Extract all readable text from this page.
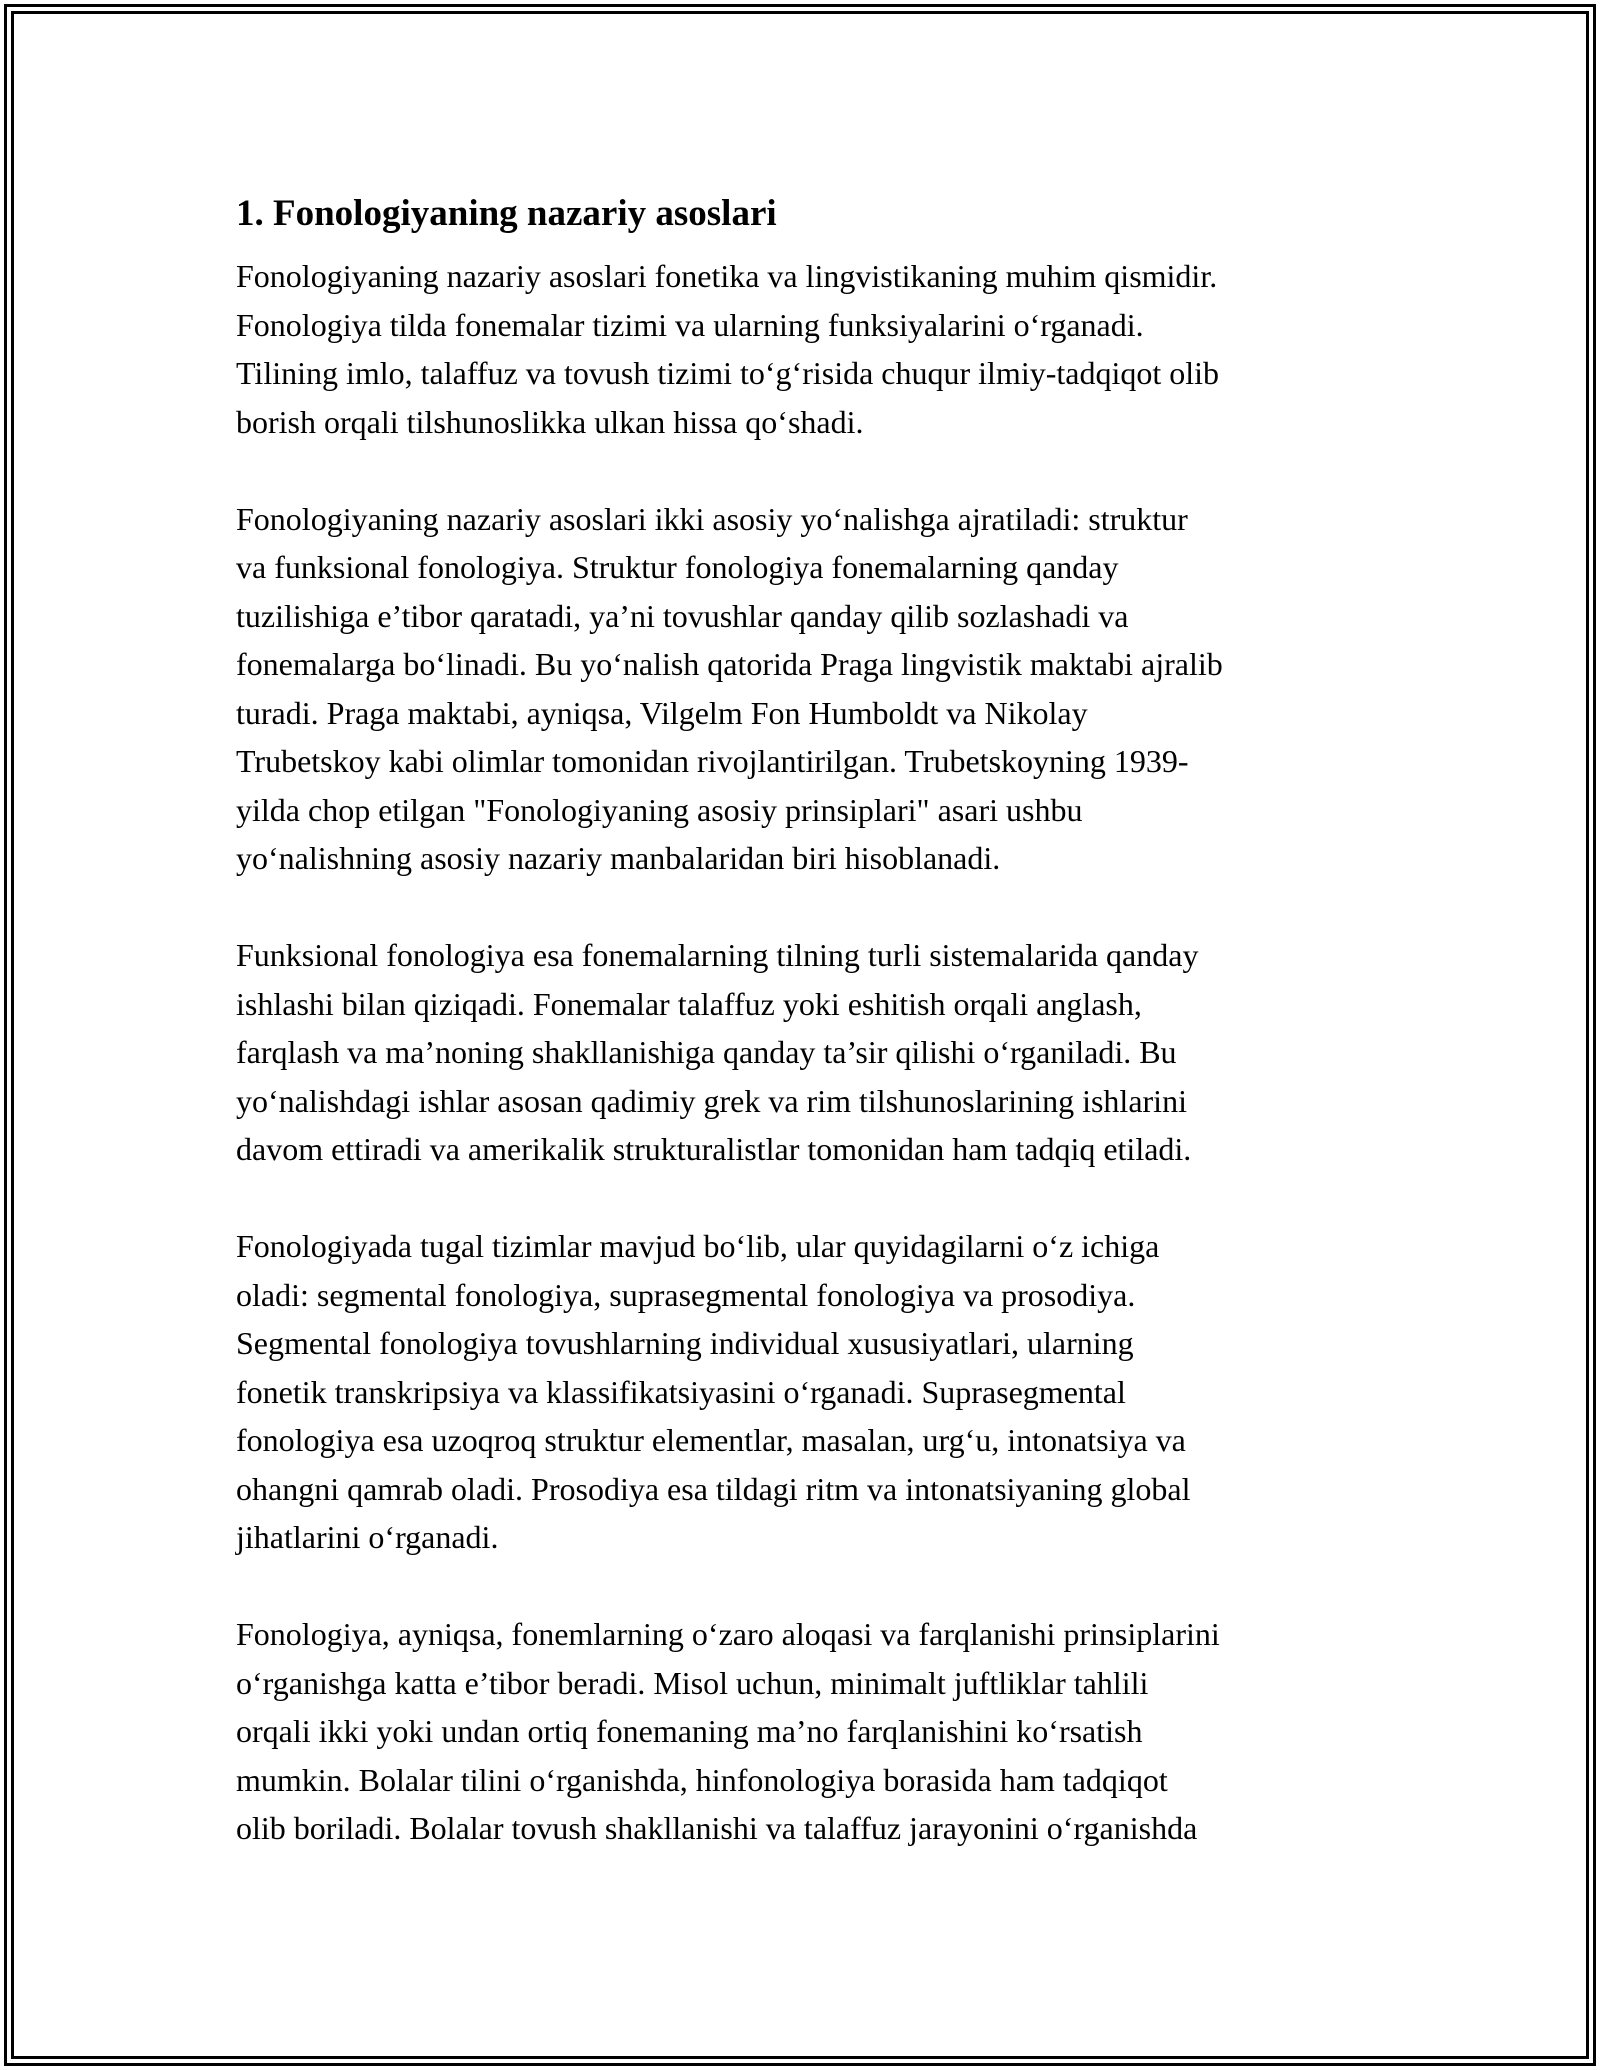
1. Fonologiyaning nazariy asoslari

Fonologiyaning nazariy asoslari fonetika va lingvistikaning muhim qismidir.
Fonologiya tilda fonemalar tizimi va ularning funksiyalarini o‘rganadi.
Tilining imlo, talaffuz va tovush tizimi to‘g‘risida chuqur ilmiy-tadqiqot olib
borish orqali tilshunoslikka ulkan hissa qo‘shadi.

Fonologiyaning nazariy asoslari ikki asosiy yo‘nalishga ajratiladi: struktur
va funksional fonologiya. Struktur fonologiya fonemalarning qanday
tuzilishiga e’tibor qaratadi, ya’ni tovushlar qanday qilib sozlashadi va
fonemalarga bo‘linadi. Bu yo‘nalish qatorida Praga lingvistik maktabi ajralib
turadi. Praga maktabi, ayniqsa, Vilgelm Fon Humboldt va Nikolay
Trubetskoy kabi olimlar tomonidan rivojlantirilgan. Trubetskoyning 1939-
yilda chop etilgan "Fonologiyaning asosiy prinsiplari" asari ushbu
yo‘nalishning asosiy nazariy manbalaridan biri hisoblanadi.

Funksional fonologiya esa fonemalarning tilning turli sistemalarida qanday
ishlashi bilan qiziqadi. Fonemalar talaffuz yoki eshitish orqali anglash,
farqlash va ma’noning shakllanishiga qanday ta’sir qilishi o‘rganiladi. Bu
yo‘nalishdagi ishlar asosan qadimiy grek va rim tilshunoslarining ishlarini
davom ettiradi va amerikalik strukturalistlar tomonidan ham tadqiq etiladi.

Fonologiyada tugal tizimlar mavjud bo‘lib, ular quyidagilarni o‘z ichiga
oladi: segmental fonologiya, suprasegmental fonologiya va prosodiya.
Segmental fonologiya tovushlarning individual xususiyatlari, ularning
fonetik transkripsiya va klassifikatsiyasini o‘rganadi. Suprasegmental
fonologiya esa uzoqroq struktur elementlar, masalan, urg‘u, intonatsiya va
ohangni qamrab oladi. Prosodiya esa tildagi ritm va intonatsiyaning global
jihatlarini o‘rganadi.

Fonologiya, ayniqsa, fonemlarning o‘zaro aloqasi va farqlanishi prinsiplarini
o‘rganishga katta e’tibor beradi. Misol uchun, minimalt juftliklar tahlili
orqali ikki yoki undan ortiq fonemaning ma’no farqlanishini ko‘rsatish
mumkin. Bolalar tilini o‘rganishda, hinfonologiya borasida ham tadqiqot
olib boriladi. Bolalar tovush shakllanishi va talaffuz jarayonini o‘rganishda
